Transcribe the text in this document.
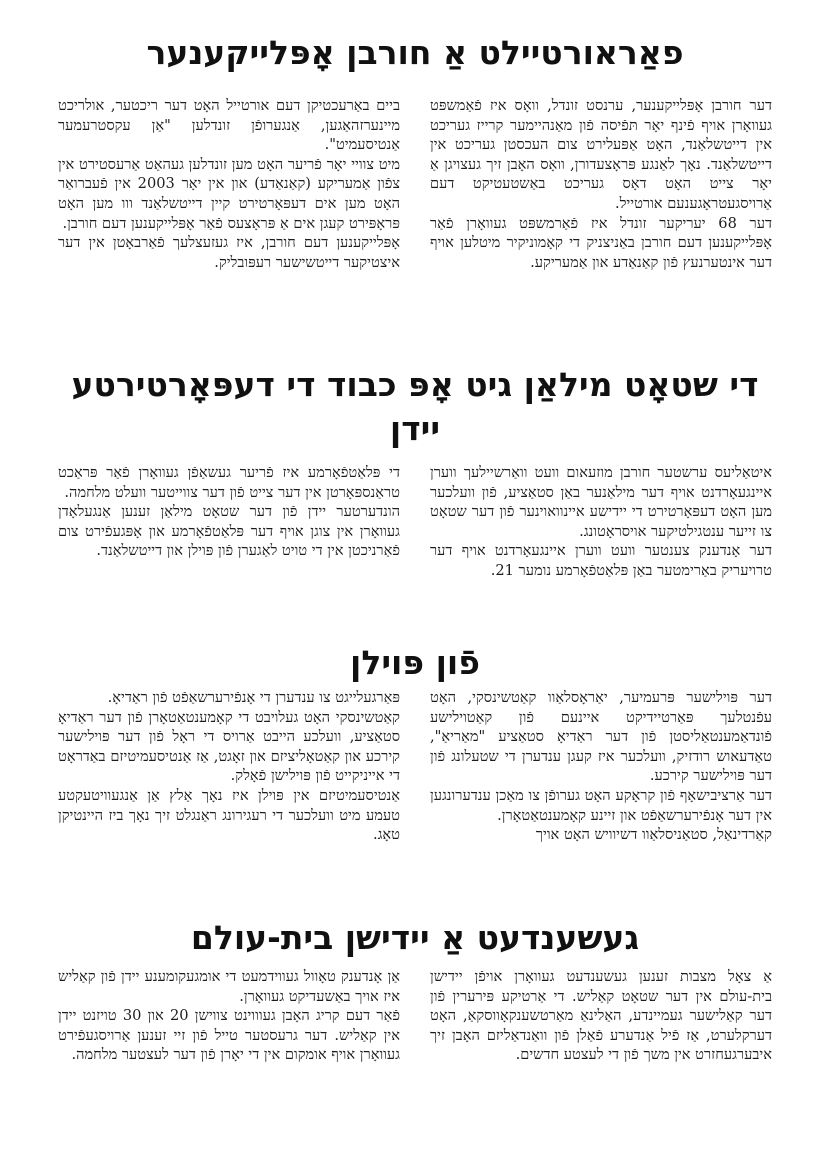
פאַראורטיילט אַ חורבן אָפּלייקענער

דער חורבן אָפּלייקענער, ערנסט זונדל, וואָס איז פֿאַמשפּט געוואָרן אויף פֿינף יאָר תּפֿיסה פֿון מאַנהיימער קרייז געריכט אין דייטשלאַנד, האָט אַפּעלירט צום העכסטן געריכט אין דייטשלאַנד. נאָך לאַנגע פּראָצעדורן, וואָס האָבן זיך געצויגן אַ יאָר צייט האָט דאָס געריכט באַשטעטיקט דעם אַרויסגעטראָגענעם אורטייל.

דער 68 יעריקער זונדל איז פֿאַרמשפּט געוואָרן פֿאַר אָפּלייקענען דעם חורבן באַניצניק די קאָמוניקיר מיטלען אויף דער אינטערנעץ פֿון קאַנאַדע און אַמעריקע.

ביים באַרעכטיקן דעם אורטייל האָט דער ריכטער, אולריכט מיינערזהאַגען, אַנגערופֿן זונדלען "אַן עקסטרעמער אַנטיסעמיט".

מיט צוויי יאָר פֿריער האָט מען זונדלען געהאַט אַרעסטירט אין צפֿון אַמעריקע (קאַנאַדע) און אין יאָר 2003 אין פֿעברואַר האָט מען אים דעפּאָרטירט קיין דייטשלאַנד ווו מען האָט פּראָפּירט קעגן אים אַ פּראָצעס פֿאַר אָפּלייקענען דעם חורבן.

אָפּלייקענען דעם חורבן, איז געזעצלעך פֿאַרבאָטן אין דער איצטיקער דייטשישער רעפּובליק.

די שטאָט מילאַן גיט אָפּ כבוד די דעפּאָרטירטע יידן

איטאַליעס ערשטער חורבן מוזעאום וועט וואַרשיילעך ווערן איינגעאָרדנט אויף דער מילאַנער באַן סטאַציע, פֿון וועלכער מען האָט דעפּאָרטירט די יידישע איינוואוינער פֿון דער שטאָט צו זייער ענטגילטיקער אויסראָטונג.

דער אָנדענק צענטער וועט ווערן איינגעאָרדנט אויף דער טרויעריק באַרימטער באַן פּלאַטפֿאָרמע נומער 21.

די פּלאַטפֿאָרמע איז פֿריער געשאַפֿן געוואָרן פֿאַר פּראַכט טראַנספּאָרטן אין דער צייט פֿון דער צווייטער וועלט מלחמה.

הונדערטער יידן פֿון דער שטאָט מילאַן זענען אַנגעלאָדן געוואָרן אין צוגן אויף דער פּלאַטפֿאָרמע און אָפּגעפֿירט צום פֿאַרניכטן אין די טויט לאַגערן פֿון פּוילן און דייטשלאַנד.

פֿון פּוילן

דער פּוילישער פּרעמיער, יאַראָסלאַוו קאַטשינסקי, האָט עפֿנטלעך פּאַרטיידיקט איינעם פֿון קאַטוילישע פֿונדאַמענטאַליסטן פֿון דער ראַדיאָ סטאַציע "מאַריאַ", טאַדעאוש רודזיק, וועלכער איז קעגן ענדערן די שטעלונג פֿון דער פּוילישער קירכע.

דער אַרציבישאָף פֿון קראָקע האָט גערופֿן צו מאַכן ענדערונגען אין דער אָנפֿירערשאַפֿט און זיינע קאָמענטאַטאָרן.

קאַרדינאַל, סטאַניסלאַוו דשיוויש האָט אויך

פּאַרגעלייגט צו ענדערן די אָנפֿירערשאַפֿט פֿון ראַדיאָ.

קאַטשינסקי האָט געלויבט די קאָמענטאַטאָרן פֿון דער ראַדיאָ סטאַציע, וועלכע הייבט אַרויס די ראָל פֿון דער פּוילישער קירכע און קאַטאָליציזם און זאָגט, אַז אַנטיסעמיטיזם באַדראָט די אייניקייט פֿון פּוילישן פֿאָלק.

אַנטיסעמיטיזם אין פּוילן איז נאָך אַלץ אַן אַנגעוויטעקטע טעמע מיט וועלכער די רעגירונג ראַנגלט זיך נאָך ביז היינטיקן טאָג.

געשענדעט אַ יידישן בית-עולם

אַ צאָל מצבות זענען געשענדעט געוואָרן אויפֿן יידישן בית-עולם אין דער שטאָט קאַליש. די אַרטיקע פּירערין פֿון דער קאַלישער געמיינדע, האַלינאַ מאַרטשענקאָווסקאַ, האָט דערקלערט, אַז פֿיל אַנדערע פֿאַלן פֿון וואַנדאַליזם האָבן זיך איבערגעחזרט אין משך פֿון די לעצטע חדשים.

אַן אָנדענק טאָוול געווידמעט די אומגעקומענע יידן פֿון קאַליש איז אויך באַשעדיקט געוואָרן.

פֿאַר דעם קריג האָבן געוווינט צווישן 20 און 30 טויזנט יידן אין קאַליש. דער גרעסטער טייל פֿון זיי זענען אַרויסגעפֿירט געוואָרן אויף אומקום אין די יאָרן פֿון דער לעצטער מלחמה.
